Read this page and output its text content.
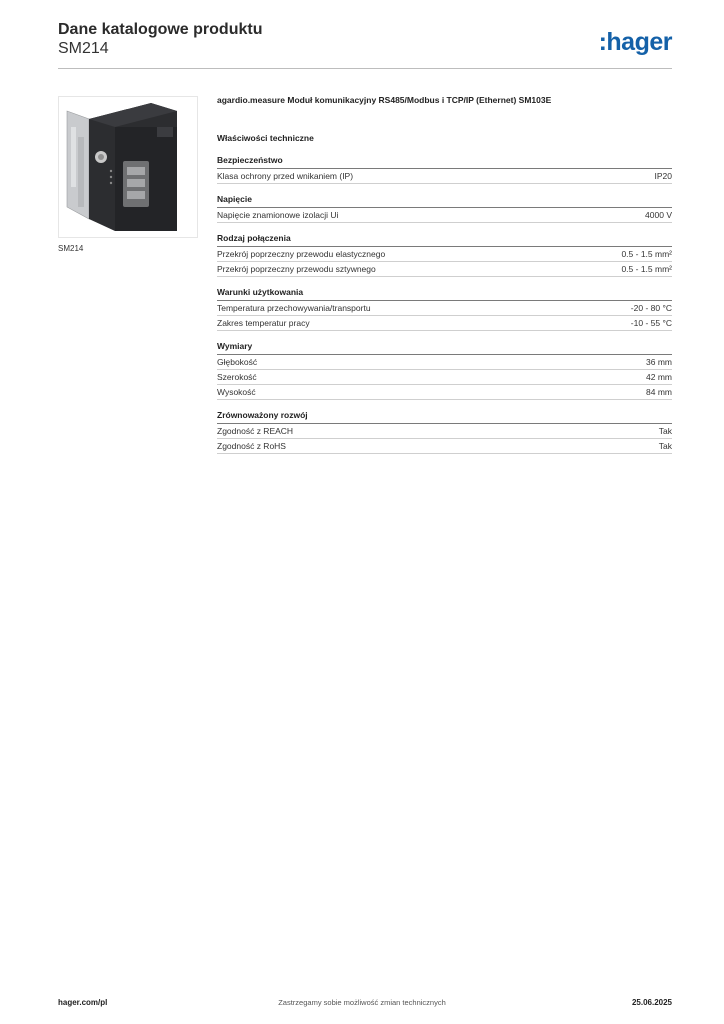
Dane katalogowe produktu
SM214	:hager
SM214
agardio.measure Moduł komunikacyjny RS485/Modbus i TCP/IP (Ethernet) SM103E
Właściwości techniczne
Bezpieczeństwo
Klasa ochrony przed wnikaniem (IP)	IP20
Napięcie
Napięcie znamionowe izolacji Ui	4000 V
Rodzaj połączenia
Przekrój poprzeczny przewodu elastycznego	0.5 - 1.5 mm²
Przekrój poprzeczny przewodu sztywnego	0.5 - 1.5 mm²
Warunki użytkowania
Temperatura przechowywania/transportu	-20 - 80 °C
Zakres temperatur pracy	-10 - 55 °C
Wymiary
Głębokość	36 mm
Szerokość	42 mm
Wysokość	84 mm
Zrównoważony rozwój
Zgodność z REACH	Tak
Zgodność z RoHS	Tak
hager.com/pl	Zastrzegamy sobie możliwość zmian technicznych	25.06.2025
